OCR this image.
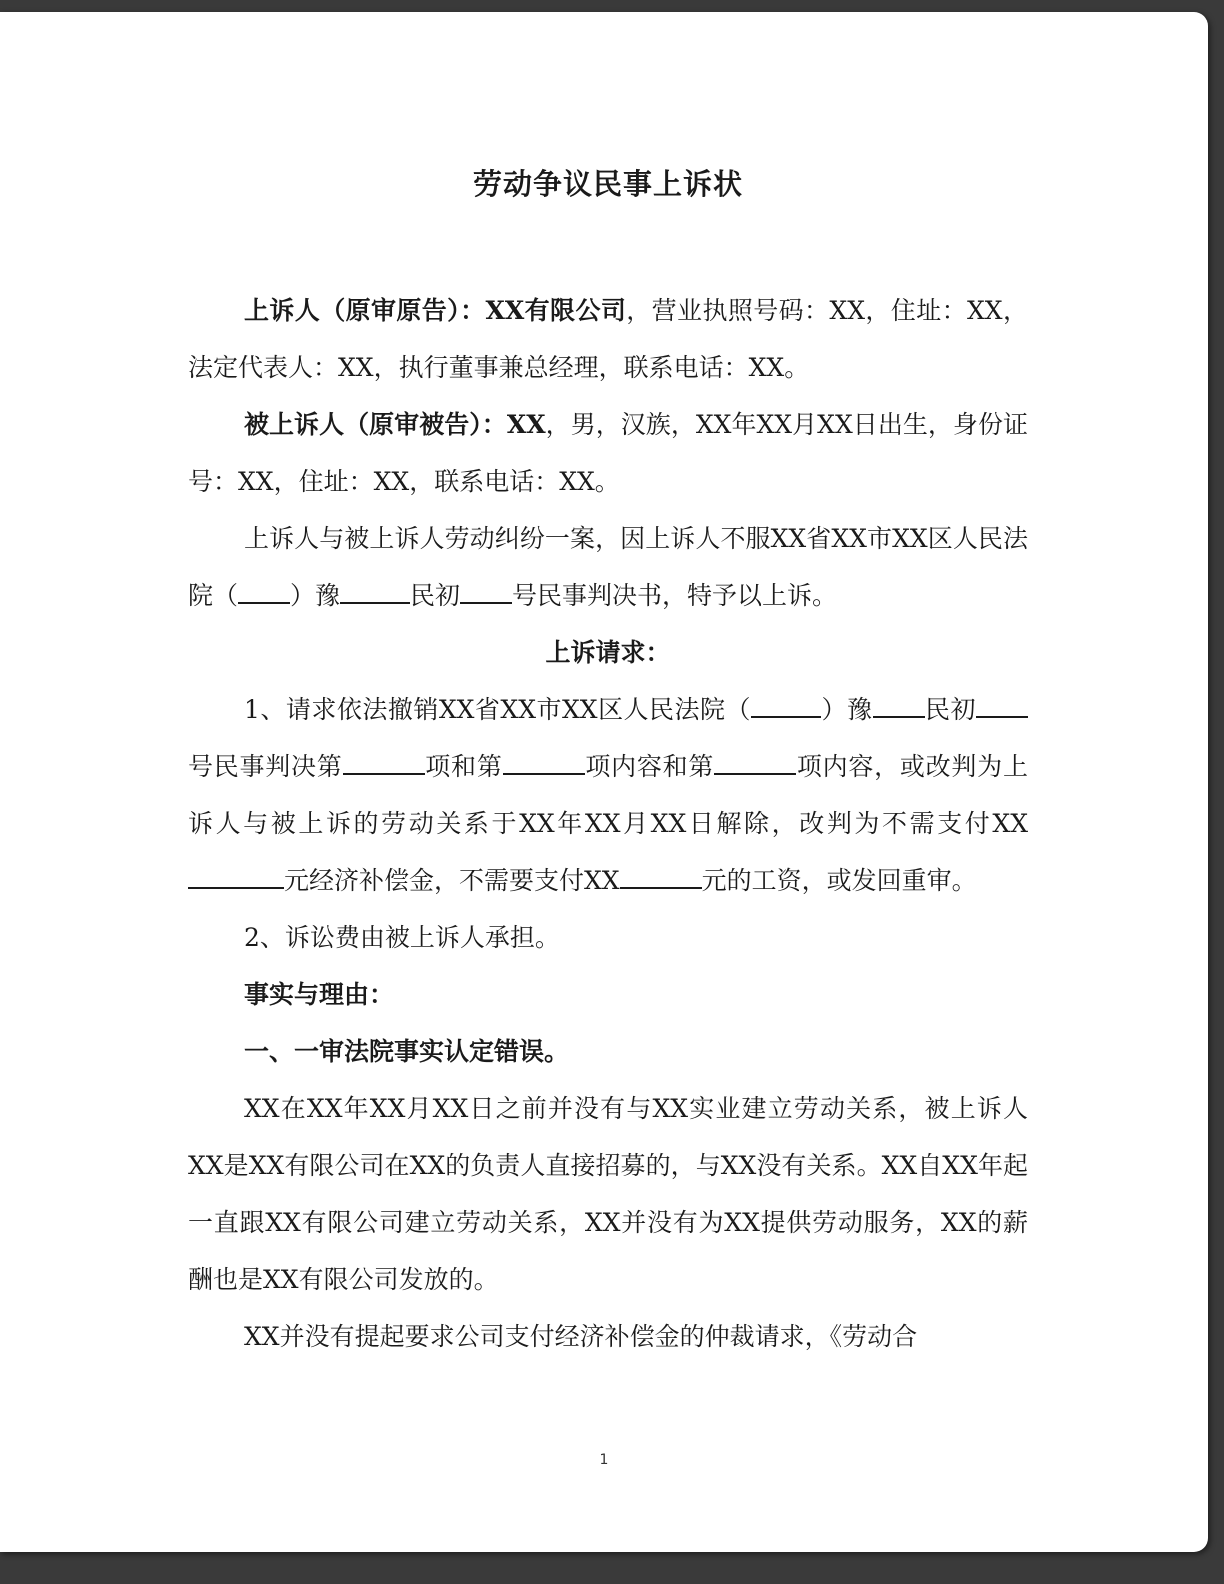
劳动争议民事上诉状

上诉人（原审原告）：XX有限公司，营业执照号码：XX，住址：XX，法定代表人：XX，执行董事兼总经理，联系电话：XX。

被上诉人（原审被告）：XX，男，汉族，XX年XX月XX日出生，身份证号：XX，住址：XX，联系电话：XX。

上诉人与被上诉人劳动纠纷一案，因上诉人不服XX省XX市XX区人民法院（ ）豫	民初 号民事判决书，特予以上诉。

上诉请求：

1、请求依法撤销XX省XX市XX区人民法院（	）豫 民初号民事判决第	项和第	项内容和第	项内容，或改判为上诉人与被上诉的劳动关系于XX年XX月XX日解除，改判为不需支付XX元经济补偿金，不需要支付XX	元的工资，或发回重审。

2、诉讼费由被上诉人承担。

事实与理由：
一、一审法院事实认定错误。

XX在XX年XX月XX日之前并没有与XX实业建立劳动关系，被上诉人XX是XX有限公司在XX的负责人直接招募的，与XX没有关系。XX自XX年起一直跟XX有限公司建立劳动关系，XX并没有为XX提供劳动服务，XX的薪酬也是XX有限公司发放的。

XX并没有提起要求公司支付经济补偿金的仲裁请求，《劳动合

1
